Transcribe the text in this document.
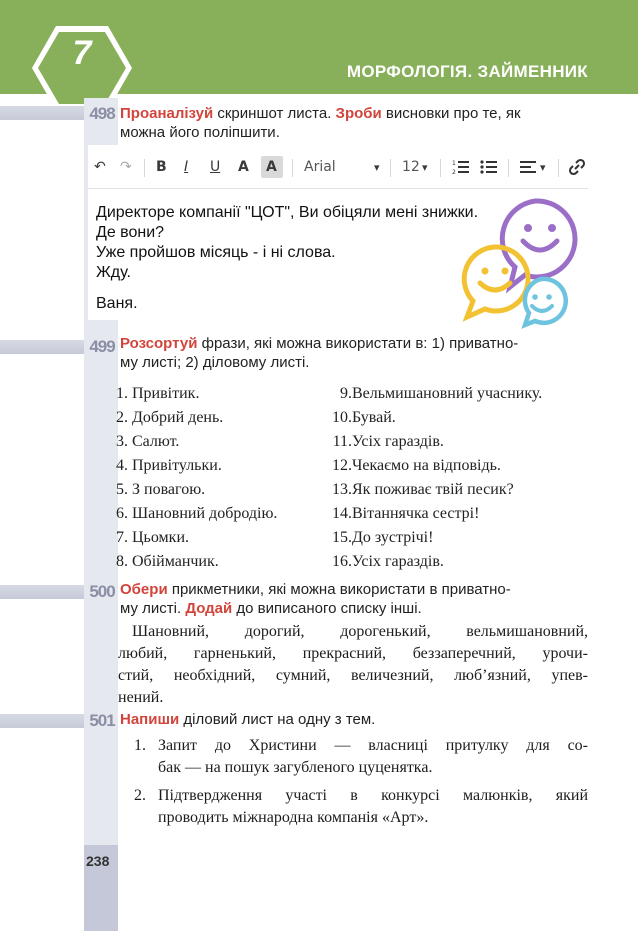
7	МОРФОЛОГІЯ. ЗАЙМЕННИК
498 Проаналізуй скриншот листа. Зроби висновки про те, як
можна його поліпшити.
↶ ↷ B I U A A Arial	▾ 12 ▾	1
2	▾
Директоре компанії "ЦОТ", Ви обіцяли мені знижки.
Де вони?
Уже пройшов місяць - і ні слова.
Жду.
Ваня.
499 Розсортуй фрази, які можна використати в: 1) приватно-
му листі; 2) діловому листі.
1. Привітик.
2. Добрий день.
3. Салют.
4. Привітульки.
5. З повагою.
6. Шановний добродію.
7. Цьомки.
8. Обійманчик.
9.Вельмишановний учаснику.
10.Бувай.
11.Усіх гараздів.
12.Чекаємо на відповідь.
13.Як поживає твій песик?
14.Вітаннячка сестрі!
15.До зустрічі!
16.Усіх гараздів.
500 Обери прикметники, які можна використати в приватно-
му листі. Додай до виписаного списку інші.
Шановний, дорогий, дорогенький, вельмишановний,
любий, гарненький, прекрасний, беззаперечний, урочи-
стий, необхідний, сумний, величезний, люб’язний, упев-
нений.
501 Напиши діловий лист на одну з тем.
1. Запит до Христини — власниці притулку для со-
бак — на пошук загубленого цуценятка.
2. Підтвердження участі в конкурсі малюнків, який
проводить міжнародна компанія «Арт».
238
